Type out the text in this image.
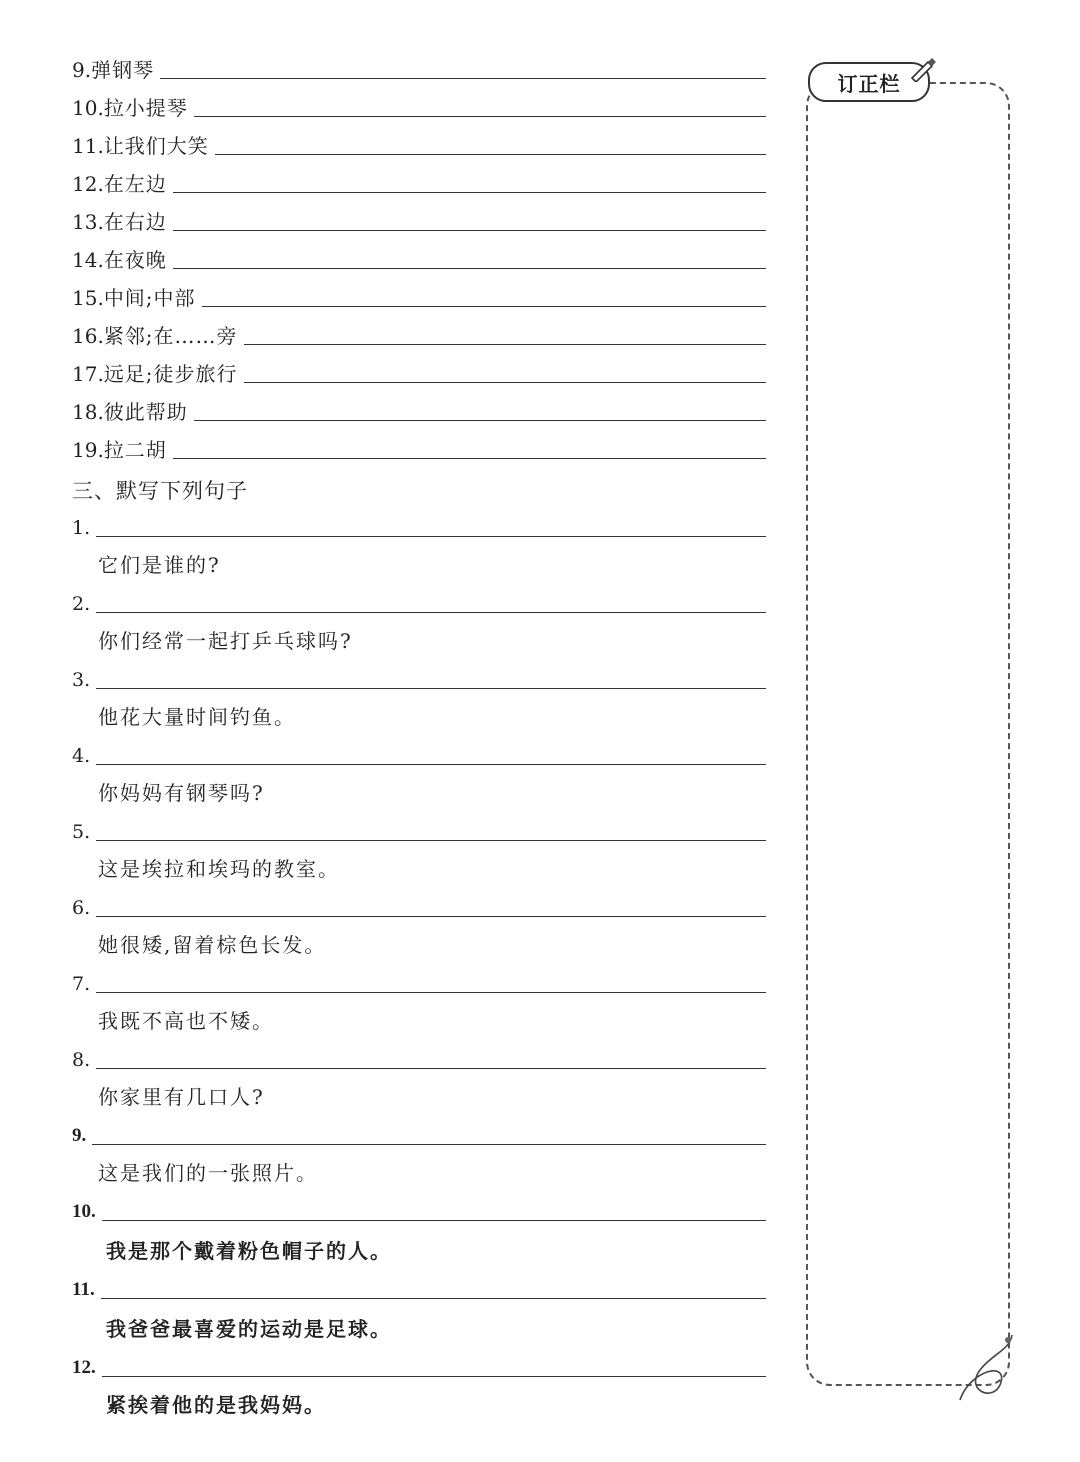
9. 弹钢琴
10. 拉小提琴
11. 让我们大笑
12. 在左边
13. 在右边
14. 在夜晚
15. 中间;中部
16. 紧邻;在……旁
17. 远足;徒步旅行
18. 彼此帮助
19. 拉二胡
三、默写下列句子
1.
它们是谁的?
2.
你们经常一起打乒乓球吗?
3.
他花大量时间钓鱼。
4.
你妈妈有钢琴吗?
5.
这是埃拉和埃玛的教室。
6.
她很矮,留着棕色长发。
7.
我既不高也不矮。
8.
你家里有几口人?
9.
这是我们的一张照片。
10.
我是那个戴着粉色帽子的人。
11.
我爸爸最喜爱的运动是足球。
12.
紧挨着他的是我妈妈。
订正栏
